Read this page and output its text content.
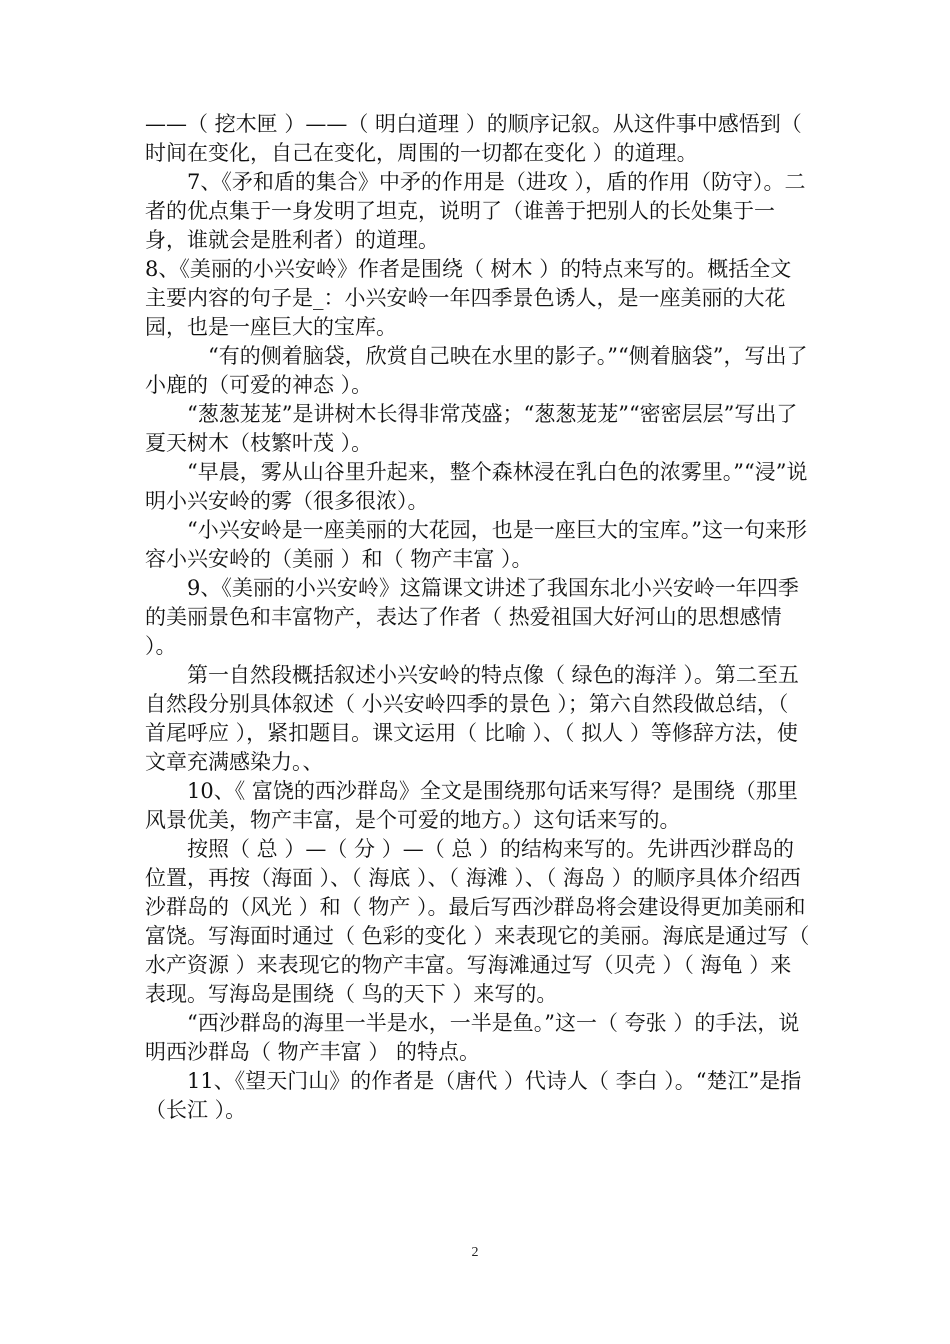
——（ 挖木匣 ）——（ 明白道理 ）的顺序记叙。从这件事中感悟到（ 时间在变化，自己在变化，周围的一切都在变化 ）的道理。

7、《矛和盾的集合》中矛的作用是（进攻 ），盾的作用（防守）。二者的优点集于一身发明了坦克，说明了（谁善于把别人的长处集于一身，谁就会是胜利者）的道理。

8、《美丽的小兴安岭》作者是围绕（ 树木 ）的特点来写的。概括全文主要内容的句子是_：小兴安岭一年四季景色诱人，是一座美丽的大花园，也是一座巨大的宝库。

“有的侧着脑袋，欣赏自己映在水里的影子。”“侧着脑袋”，写出了小鹿的（可爱的神态 ）。

“葱葱茏茏”是讲树木长得非常茂盛；“葱葱茏茏”“密密层层”写出了夏天树木（枝繁叶茂 ）。

“早晨，雾从山谷里升起来，整个森林浸在乳白色的浓雾里。”“浸”说明小兴安岭的雾（很多很浓）。

“小兴安岭是一座美丽的大花园，也是一座巨大的宝库。”这一句来形容小兴安岭的（美丽 ）和（ 物产丰富 ）。

9、《美丽的小兴安岭》这篇课文讲述了我国东北小兴安岭一年四季的美丽景色和丰富物产，表达了作者（ 热爱祖国大好河山的思想感情 ）。

第一自然段概括叙述小兴安岭的特点像（ 绿色的海洋 ）。第二至五自然段分别具体叙述（ 小兴安岭四季的景色 ）；第六自然段做总结，（ 首尾呼应 ），紧扣题目。课文运用（ 比喻 ）、（ 拟人 ）等修辞方法，使文章充满感染力。、

10、《 富饶的西沙群岛》全文是围绕那句话来写得？是围绕（那里风景优美，物产丰富，是个可爱的地方。）这句话来写的。

按照（ 总 ）—（ 分 ）—（ 总 ）的结构来写的。先讲西沙群岛的位置，再按（海面 ）、（ 海底 ）、（ 海滩 ）、（ 海岛 ）的顺序具体介绍西沙群岛的（风光 ）和（ 物产 ）。最后写西沙群岛将会建设得更加美丽和富饶。写海面时通过（ 色彩的变化 ）来表现它的美丽。海底是通过写（ 水产资源 ）来表现它的物产丰富。写海滩通过写（贝壳 ）（ 海龟 ）来表现。写海岛是围绕（ 鸟的天下 ）来写的。

“西沙群岛的海里一半是水，一半是鱼。”这一（ 夸张 ）的手法，说明西沙群岛（ 物产丰富 ） 的特点。

11、《望天门山》的作者是（唐代 ）代诗人（ 李白 ）。“楚江”是指（长江 ）。

2
